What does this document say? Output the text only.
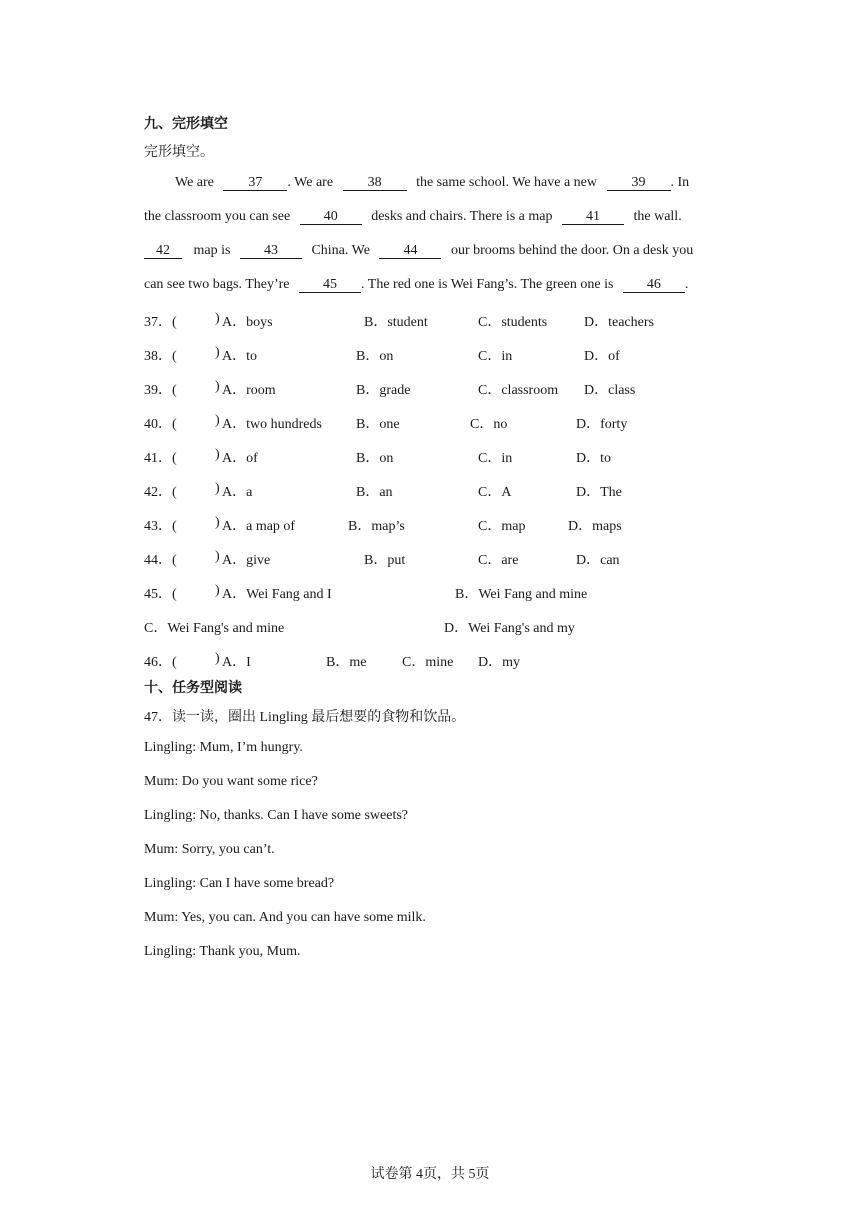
九、完形填空
完形填空。
We are 37 . We are 38 the same school. We have a new 39 . In
the classroom you can see 40 desks and chairs. There is a map 41 the wall.
42 map is 43 China. We 44 our brooms behind the door. On a desk you
can see two bags. They’re 45 . The red one is Wei Fang’s. The green one is 46 .
37．(	) A．boys	B．student	C．students	D．teachers
38．(	) A．to	B．on	C．in	D．of
39．(	) A．room	B．grade	C．classroom D．class
40．(	) A．two hundreds B．one	C．no	D．forty
41．(	) A．of	B．on	C．in	D．to
42．(	) A．a	B．an	C．A	D．The
43．(	) A．a map of	B．map’s	C．map	D．maps
44．(	) A．give	B．put	C．are	D．can
45．(	) A．Wei Fang and I	B．Wei Fang and mine
C．Wei Fang's and mine	D．Wei Fang's and my
46．(	) A．I	B．me	C．mine D．my
十、任务型阅读
47．读一读，圈出 Lingling 最后想要的食物和饮品。
Lingling: Mum, I’m hungry.
Mum: Do you want some rice?
Lingling: No, thanks. Can I have some sweets?
Mum: Sorry, you can’t.
Lingling: Can I have some bread?
Mum: Yes, you can. And you can have some milk.
Lingling: Thank you, Mum.
试卷第 4页，共 5页
